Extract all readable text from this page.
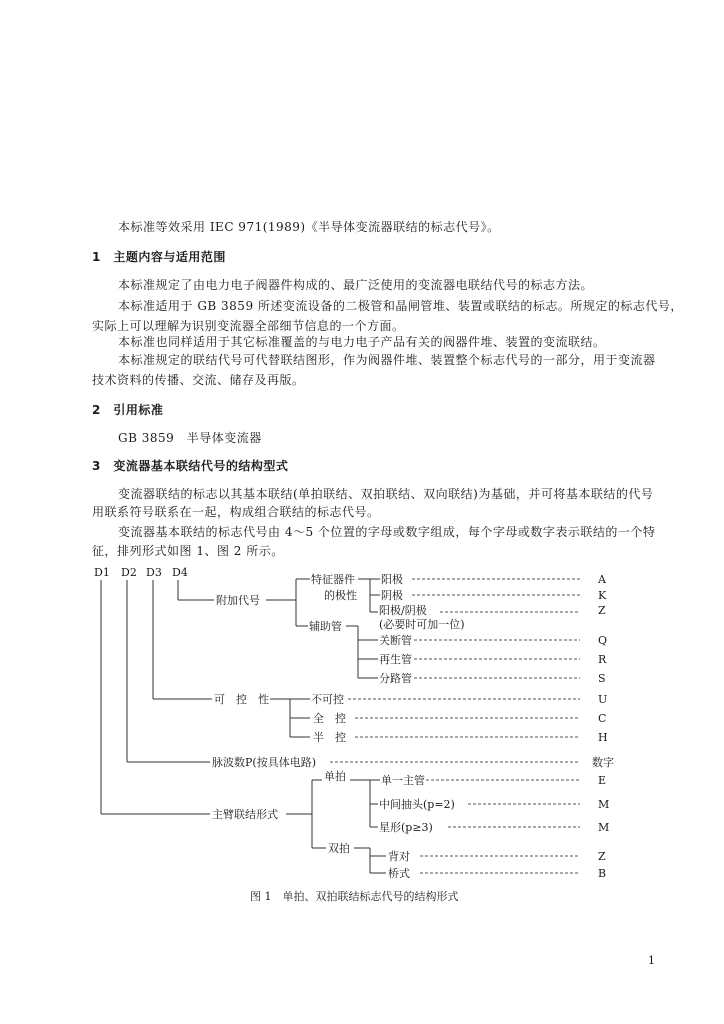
本标准等效采用 IEC 971(1989)《半导体变流器联结的标志代号》。
1　主题内容与适用范围
本标准规定了由电力电子阀器件构成的、最广泛使用的变流器电联结代号的标志方法。
本标准适用于 GB 3859 所述变流设备的二极管和晶闸管堆、装置或联结的标志。所规定的标志代号，
实际上可以理解为识别变流器全部细节信息的一个方面。
本标准也同样适用于其它标准覆盖的与电力电子产品有关的阀器件堆、装置的变流联结。
本标准规定的联结代号可代替联结图形，作为阀器件堆、装置整个标志代号的一部分，用于变流器
技术资料的传播、交流、储存及再版。
2　引用标准
GB 3859　半导体变流器
3　变流器基本联结代号的结构型式
变流器联结的标志以其基本联结(单拍联结、双拍联结、双向联结)为基础，并可将基本联结的代号
用联系符号联系在一起，构成组合联结的标志代号。
变流器基本联结的标志代号由 4～5 个位置的字母或数字组成，每个字母或数字表示联结的一个特
征，排列形式如图 1、图 2 所示。
D1 D2 D3 D4
附加代号
特征器件
的极性
阳极	A
阴极	K
阳极/阴极	Z
(必要时可加一位)
辅助管
关断管	Q
再生管	R
分路管	S
可　控　性	不可控	U
全　控	C
半　控	H
脉波数P(按具体电路)	数字
主臂联结形式
单拍	单一主管	E
中间抽头(p=2)	M
星形(p≥3)	M
双拍
背对	Z
桥式	B
图 1　单拍、双拍联结标志代号的结构形式
1
